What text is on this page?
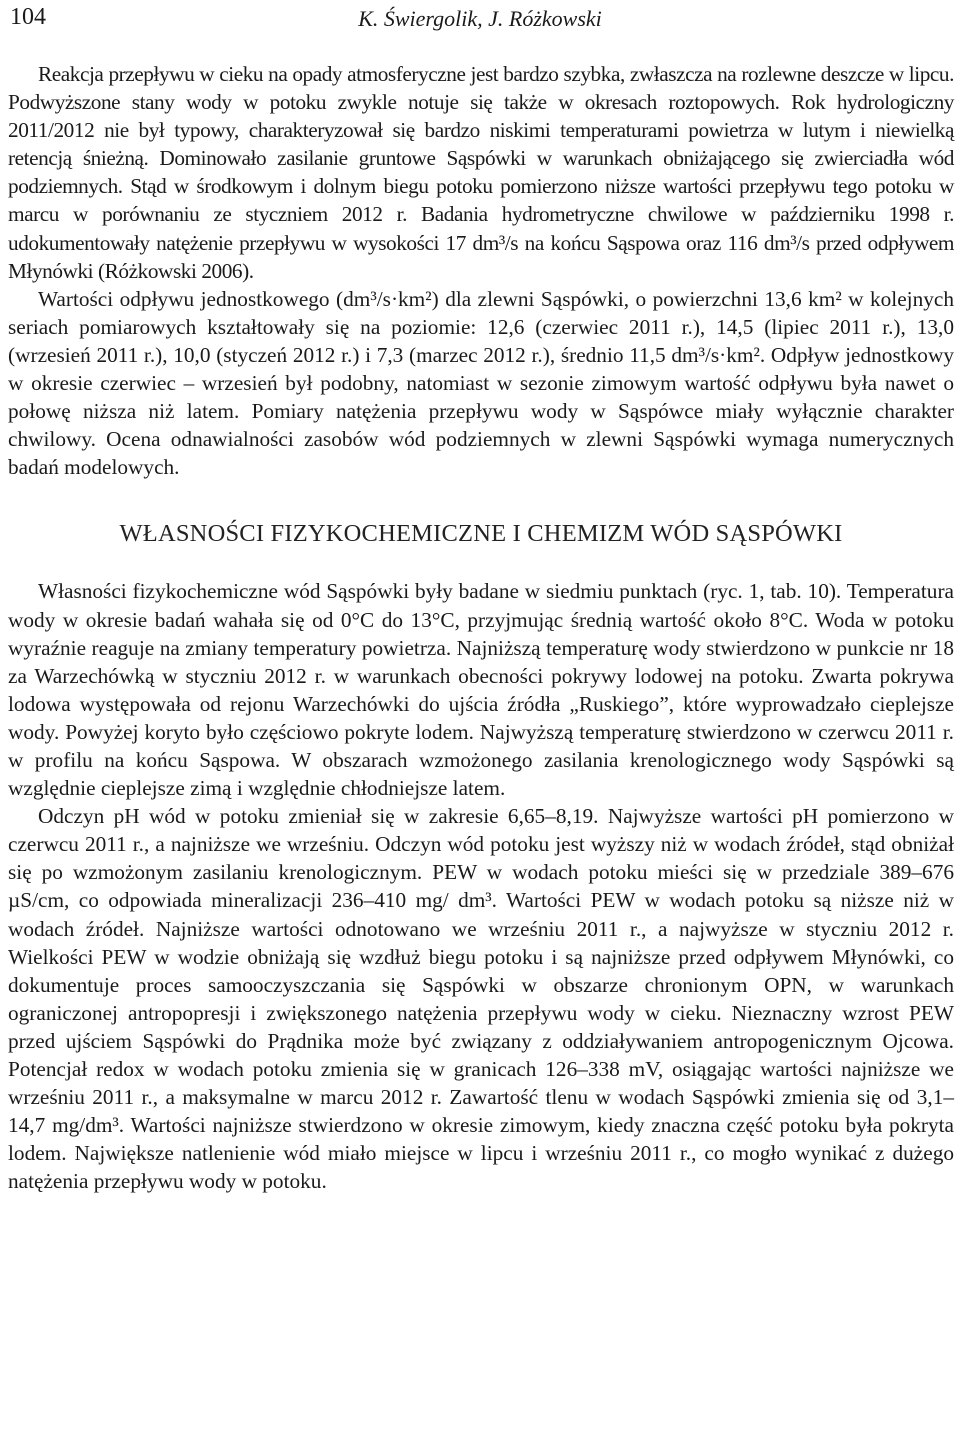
104	K. Świergolik, J. Różkowski

Reakcja przepływu w cieku na opady atmosferyczne jest bardzo szybka, zwłaszcza na rozlewne deszcze w lipcu. Podwyższone stany wody w potoku zwykle notuje się także w okresach roztopowych. Rok hydrologiczny 2011/2012 nie był typowy, charakteryzował się bardzo niskimi temperaturami powietrza w lutym i niewielką retencją śnieżną. Dominowało zasilanie gruntowe Sąspówki w warunkach obniżającego się zwierciadła wód podziemnych. Stąd w środkowym i dolnym biegu potoku pomierzono niższe wartości przepływu tego potoku w marcu w porównaniu ze styczniem 2012 r. Badania hydrometryczne chwilowe w październiku 1998 r. udokumentowały natężenie przepływu w wysokości 17 dm³/s na końcu Sąspowa oraz 116 dm³/s przed odpływem Młynówki (Różkowski 2006).

Wartości odpływu jednostkowego (dm³/s·km²) dla zlewni Sąspówki, o powierzchni 13,6 km² w kolejnych seriach pomiarowych kształtowały się na poziomie: 12,6 (czerwiec 2011 r.), 14,5 (lipiec 2011 r.), 13,0 (wrzesień 2011 r.), 10,0 (styczeń 2012 r.) i 7,3 (marzec 2012 r.), średnio 11,5 dm³/s·km². Odpływ jednostkowy w okresie czerwiec – wrzesień był podobny, natomiast w sezonie zimowym wartość odpływu była nawet o połowę niższa niż latem. Pomiary natężenia przepływu wody w Sąspówce miały wyłącznie charakter chwilowy. Ocena odnawialności zasobów wód podziemnych w zlewni Sąspówki wymaga numerycznych badań modelowych.

WŁASNOŚCI FIZYKOCHEMICZNE I CHEMIZM WÓD SĄSPÓWKI

Własności fizykochemiczne wód Sąspówki były badane w siedmiu punktach (ryc. 1, tab. 10). Temperatura wody w okresie badań wahała się od 0°C do 13°C, przyjmując średnią wartość około 8°C. Woda w potoku wyraźnie reaguje na zmiany temperatury powietrza. Najniższą temperaturę wody stwierdzono w punkcie nr 18 za Warzechówką w styczniu 2012 r. w warunkach obecności pokrywy lodowej na potoku. Zwarta pokrywa lodowa występowała od rejonu Warzechówki do ujścia źródła „Ruskiego”, które wyprowadzało cieplejsze wody. Powyżej koryto było częściowo pokryte lodem. Najwyższą temperaturę stwierdzono w czerwcu 2011 r. w profilu na końcu Sąspowa. W obszarach wzmożonego zasilania krenologicznego wody Sąspówki są względnie cieplejsze zimą i względnie chłodniejsze latem.

Odczyn pH wód w potoku zmieniał się w zakresie 6,65–8,19. Najwyższe wartości pH pomierzono w czerwcu 2011 r., a najniższe we wrześniu. Odczyn wód potoku jest wyższy niż w wodach źródeł, stąd obniżał się po wzmożonym zasilaniu krenologicznym. PEW w wodach potoku mieści się w przedziale 389–676 µS/cm, co odpowiada mineralizacji 236–410 mg/ dm³. Wartości PEW w wodach potoku są niższe niż w wodach źródeł. Najniższe wartości odnotowano we wrześniu 2011 r., a najwyższe w styczniu 2012 r. Wielkości PEW w wodzie obniżają się wzdłuż biegu potoku i są najniższe przed odpływem Młynówki, co dokumentuje proces samooczyszczania się Sąspówki w obszarze chronionym OPN, w warunkach ograniczonej antropopresji i zwiększonego natężenia przepływu wody w cieku. Nieznaczny wzrost PEW przed ujściem Sąspówki do Prądnika może być związany z oddziaływaniem antropogenicznym Ojcowa. Potencjał redox w wodach potoku zmienia się w granicach 126–338 mV, osiągając wartości najniższe we wrześniu 2011 r., a maksymalne w marcu 2012 r. Zawartość tlenu w wodach Sąspówki zmienia się od 3,1–14,7 mg/dm³. Wartości najniższe stwierdzono w okresie zimowym, kiedy znaczna część potoku była pokryta lodem. Największe natlenienie wód miało miejsce w lipcu i wrześniu 2011 r., co mogło wynikać z dużego natężenia przepływu wody w potoku.
